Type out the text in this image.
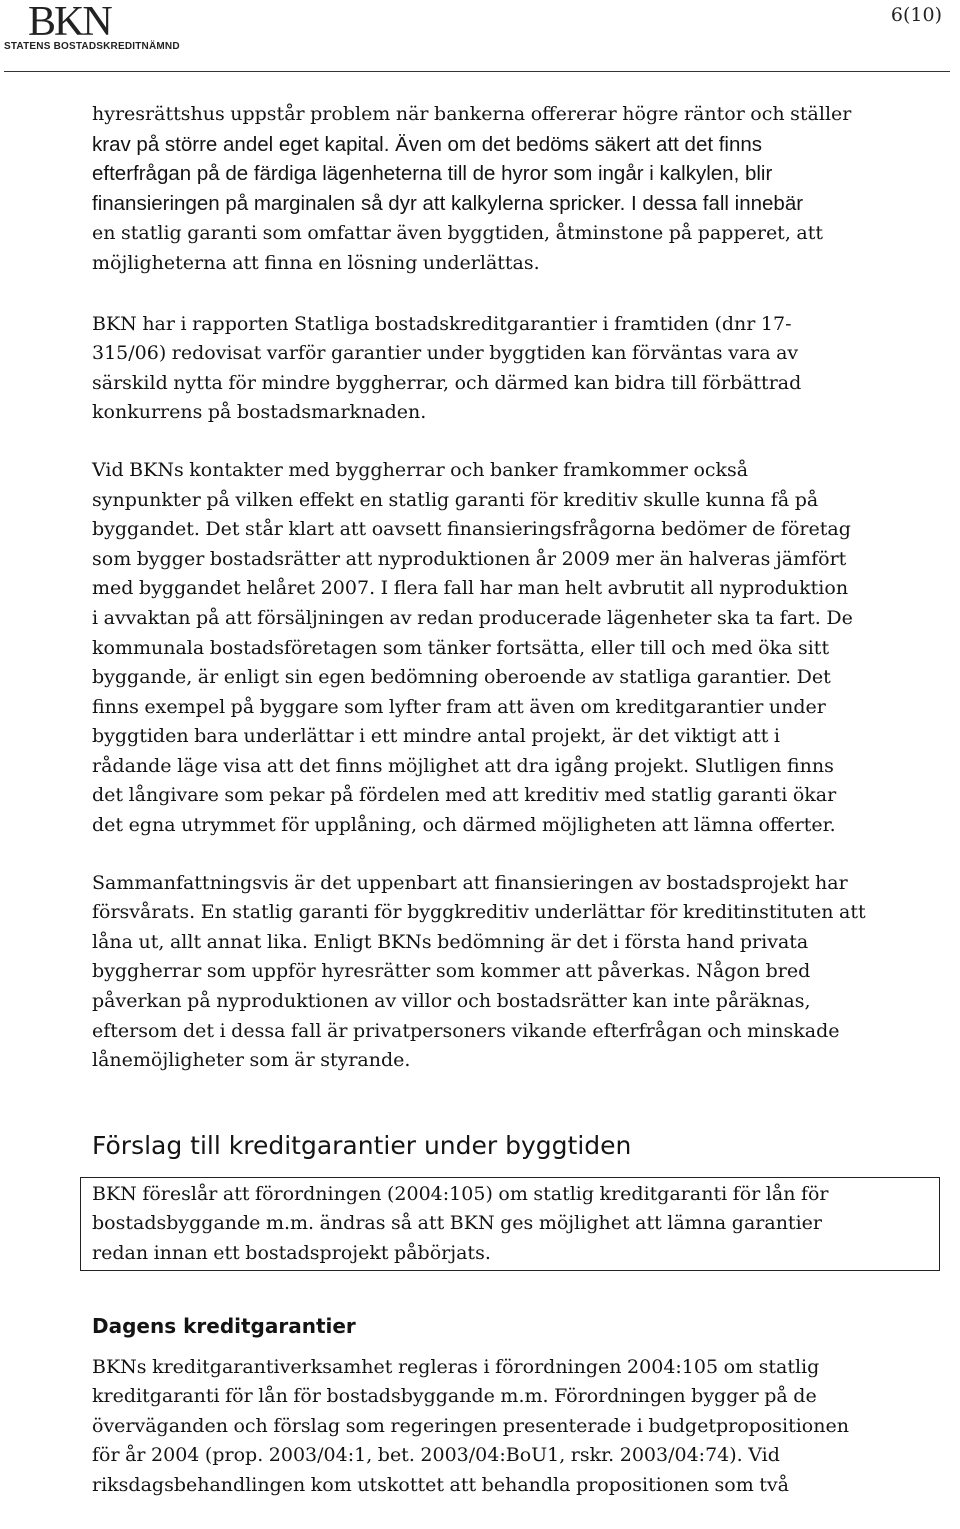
BKN
STATENS BOSTADSKREDITNÄMND
6(10)
hyresrättshus uppstår problem när bankerna offererar högre räntor och ställer
krav på större andel eget kapital. Även om det bedöms säkert att det finns
efterfrågan på de färdiga lägenheterna till de hyror som ingår i kalkylen, blir
finansieringen på marginalen så dyr att kalkylerna spricker. I dessa fall innebär
en statlig garanti som omfattar även byggtiden, åtminstone på papperet, att
möjligheterna att finna en lösning underlättas.
BKN har i rapporten Statliga bostadskreditgarantier i framtiden (dnr 17-
315/06) redovisat varför garantier under byggtiden kan förväntas vara av
särskild nytta för mindre byggherrar, och därmed kan bidra till förbättrad
konkurrens på bostadsmarknaden.
Vid BKNs kontakter med byggherrar och banker framkommer också
synpunkter på vilken effekt en statlig garanti för kreditiv skulle kunna få på
byggandet. Det står klart att oavsett finansieringsfrågorna bedömer de företag
som bygger bostadsrätter att nyproduktionen år 2009 mer än halveras jämfört
med byggandet helåret 2007. I flera fall har man helt avbrutit all nyproduktion
i avvaktan på att försäljningen av redan producerade lägenheter ska ta fart. De
kommunala bostadsföretagen som tänker fortsätta, eller till och med öka sitt
byggande, är enligt sin egen bedömning oberoende av statliga garantier. Det
finns exempel på byggare som lyfter fram att även om kreditgarantier under
byggtiden bara underlättar i ett mindre antal projekt, är det viktigt att i
rådande läge visa att det finns möjlighet att dra igång projekt. Slutligen finns
det långivare som pekar på fördelen med att kreditiv med statlig garanti ökar
det egna utrymmet för upplåning, och därmed möjligheten att lämna offerter.
Sammanfattningsvis är det uppenbart att finansieringen av bostadsprojekt har
försvårats. En statlig garanti för byggkreditiv underlättar för kreditinstituten att
låna ut, allt annat lika. Enligt BKNs bedömning är det i första hand privata
byggherrar som uppför hyresrätter som kommer att påverkas. Någon bred
påverkan på nyproduktionen av villor och bostadsrätter kan inte påräknas,
eftersom det i dessa fall är privatpersoners vikande efterfrågan och minskade
lånemöjligheter som är styrande.
Förslag till kreditgarantier under byggtiden
BKN föreslår att förordningen (2004:105) om statlig kreditgaranti för lån för
bostadsbyggande m.m. ändras så att BKN ges möjlighet att lämna garantier
redan innan ett bostadsprojekt påbörjats.
Dagens kreditgarantier
BKNs kreditgarantiverksamhet regleras i förordningen 2004:105 om statlig
kreditgaranti för lån för bostadsbyggande m.m. Förordningen bygger på de
överväganden och förslag som regeringen presenterade i budgetpropositionen
för år 2004 (prop. 2003/04:1, bet. 2003/04:BoU1, rskr. 2003/04:74). Vid
riksdagsbehandlingen kom utskottet att behandla propositionen som två
